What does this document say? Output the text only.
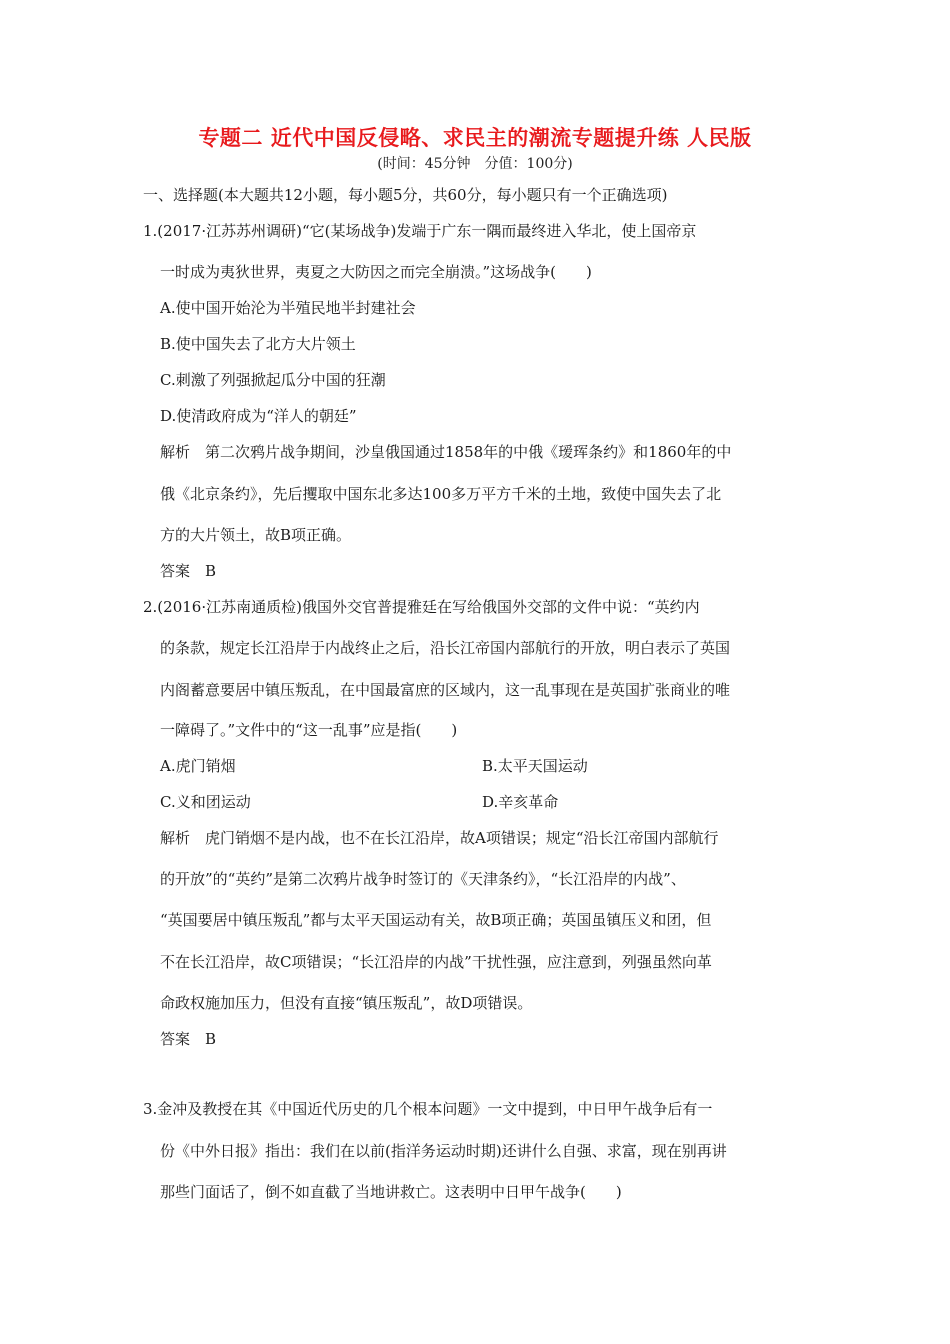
专题二 近代中国反侵略、求民主的潮流专题提升练 人民版
(时间：45分钟　分值：100分)
一、选择题(本大题共12小题，每小题5分，共60分，每小题只有一个正确选项)
1.(2017·江苏苏州调研)“它(某场战争)发端于广东一隅而最终进入华北，使上国帝京
一时成为夷狄世界，夷夏之大防因之而完全崩溃。”这场战争(　　)
A.使中国开始沦为半殖民地半封建社会
B.使中国失去了北方大片领土
C.刺激了列强掀起瓜分中国的狂潮
D.使清政府成为“洋人的朝廷”
解析　第二次鸦片战争期间，沙皇俄国通过1858年的中俄《瑷珲条约》和1860年的中
俄《北京条约》，先后攫取中国东北多达100多万平方千米的土地，致使中国失去了北
方的大片领土，故B项正确。
答案　B
2.(2016·江苏南通质检)俄国外交官普提雅廷在写给俄国外交部的文件中说：“英约内
的条款，规定长江沿岸于内战终止之后，沿长江帝国内部航行的开放，明白表示了英国
内阁蓄意要居中镇压叛乱，在中国最富庶的区域内，这一乱事现在是英国扩张商业的唯
一障碍了。”文件中的“这一乱事”应是指(　　)
A.虎门销烟	B.太平天国运动
C.义和团运动	D.辛亥革命
解析　虎门销烟不是内战，也不在长江沿岸，故A项错误；规定“沿长江帝国内部航行
的开放”的“英约”是第二次鸦片战争时签订的《天津条约》，“长江沿岸的内战”、
“英国要居中镇压叛乱”都与太平天国运动有关，故B项正确；英国虽镇压义和团，但
不在长江沿岸，故C项错误；“长江沿岸的内战”干扰性强，应注意到，列强虽然向革
命政权施加压力，但没有直接“镇压叛乱”，故D项错误。
答案　B
3.金冲及教授在其《中国近代历史的几个根本问题》一文中提到，中日甲午战争后有一
份《中外日报》指出：我们在以前(指洋务运动时期)还讲什么自强、求富，现在别再讲
那些门面话了，倒不如直截了当地讲救亡。这表明中日甲午战争(　　)
